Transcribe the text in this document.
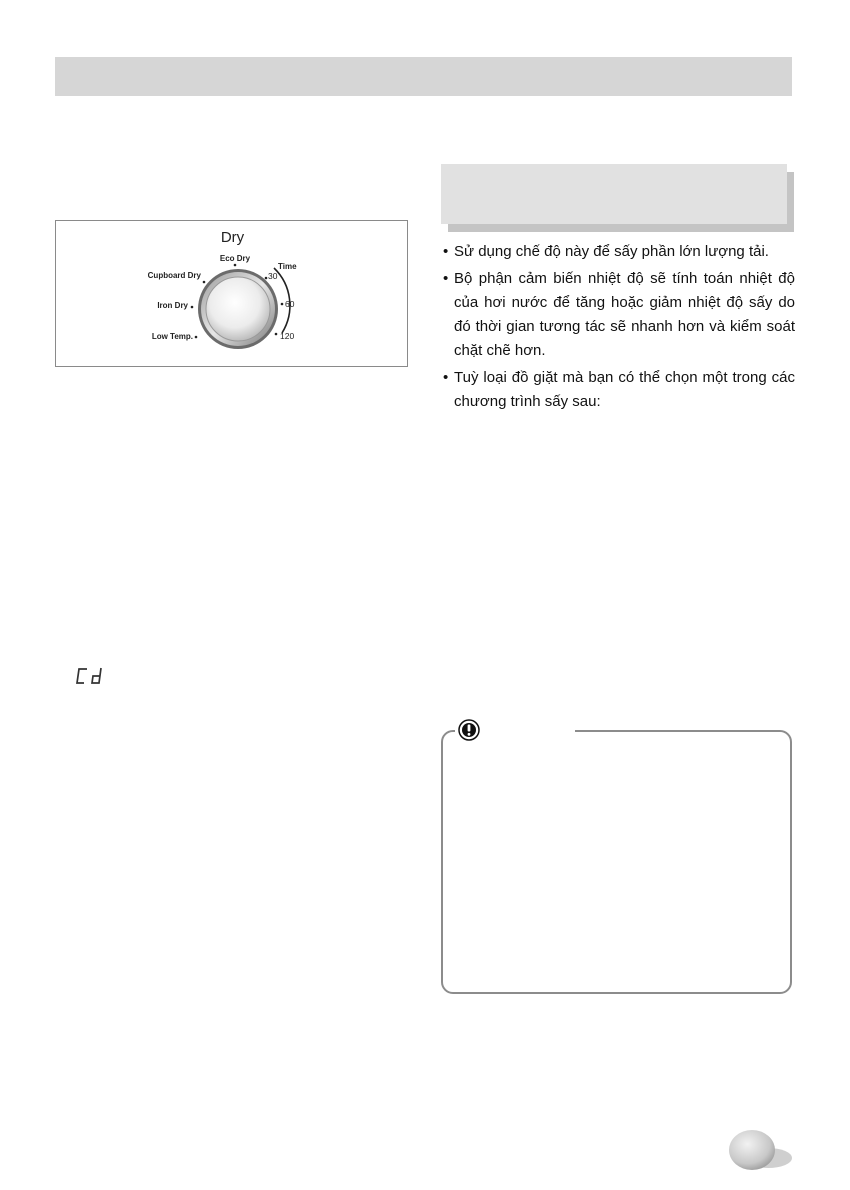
Dry
Eco Dry
Cupboard Dry
Iron Dry
Low Temp.
Time
30
60
120
• Sử dụng chế độ này để sấy phần lớn lượng tải.
• Bộ phận cảm biến nhiệt độ sẽ tính toán nhiệt độ của hơi nước để tăng hoặc giảm nhiệt độ sấy do đó thời gian tương tác sẽ nhanh hơn và kiểm soát chặt chẽ hơn.
• Tuỳ loại đồ giặt mà bạn có thể chọn một trong các chương trình sấy sau:
